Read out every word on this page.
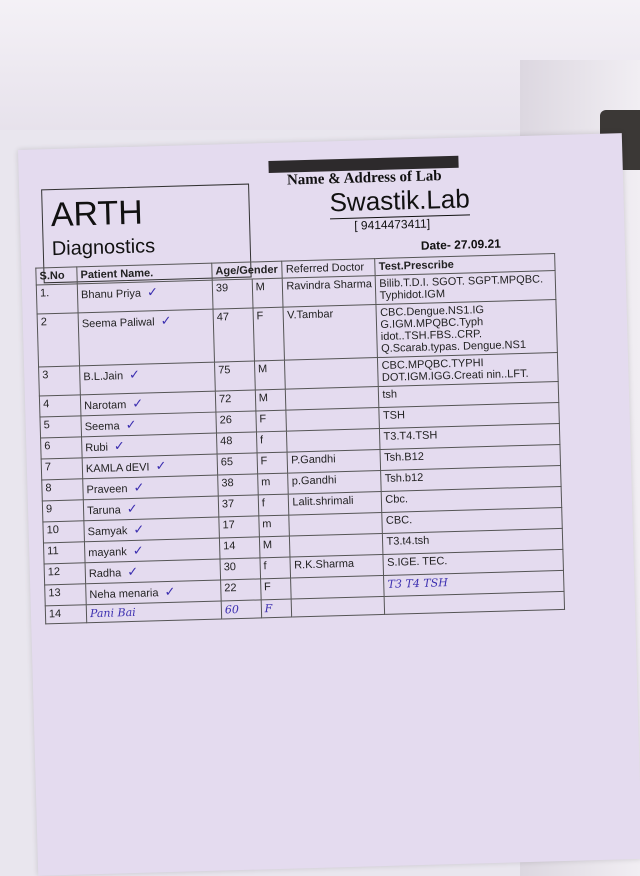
ARTH
Diagnostics
Name & Address of Lab
Swastik.Lab
[ 9414473411]
Date- 27.09.21
S.No	Patient Name.	Age/Gender		Referred Doctor	Test.Prescribe
1.	Bhanu Priya ✓	39	M	Ravindra Sharma	Bilib.T.D.I. SGOT. SGPT.MPQBC. Typhidot.IGM
2	Seema Paliwal ✓	47	F	V.Tambar	CBC.Dengue.NS1.IG G.IGM.MPQBC.Typh idot..TSH.FBS..CRP. Q.Scarab.typas. Dengue.NS1
3	B.L.Jain ✓	75	M		CBC.MPQBC.TYPHI DOT.IGM.IGG.Creati nin..LFT.
4	Narotam ✓	72	M		tsh
5	Seema ✓	26	F		TSH
6	Rubi ✓	48	f		T3.T4.TSH
7	KAMLA dEVI ✓	65	F	P.Gandhi	Tsh.B12
8	Praveen ✓	38	m	p.Gandhi	Tsh.b12
9	Taruna ✓	37	f	Lalit.shrimali	Cbc.
10	Samyak ✓	17	m		CBC.
11	mayank ✓	14	M		T3.t4.tsh
12	Radha ✓	30	f	R.K.Sharma	S.IGE. TEC.
13	Neha menaria ✓	22	F		T3 T4 TSH
14	Pani Bai	60	F		
